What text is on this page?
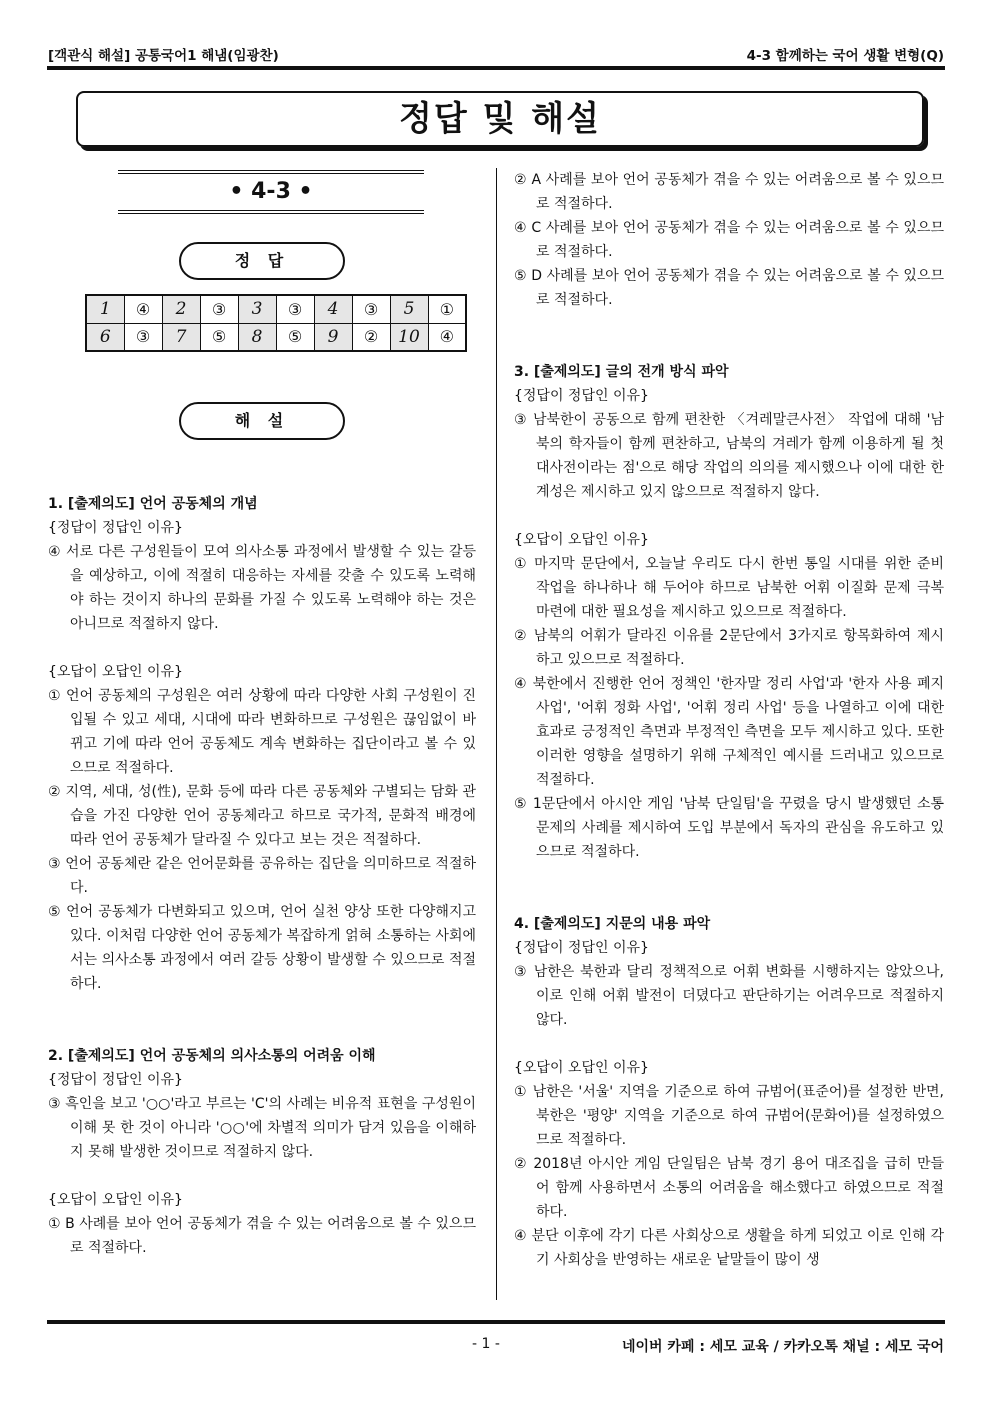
[객관식 해설] 공통국어1 해냄(임광찬)	4-3 함께하는 국어 생활 변형(Q)
정답 및 해설
• 4-3 •
정 답
1	④	2	③	3	③	4	③	5	①
6	③	7	⑤	8	⑤	9	②	10	④
해 설
1. [출제의도] 언어 공동체의 개념
{정답이 정답인 이유}
④ 서로 다른 구성원들이 모여 의사소통 과정에서 발생할 수 있는 갈등을 예상하고, 이에 적절히 대응하는 자세를 갖출 수 있도록 노력해야 하는 것이지 하나의 문화를 가질 수 있도록 노력해야 하는 것은 아니므로 적절하지 않다.
{오답이 오답인 이유}
① 언어 공동체의 구성원은 여러 상황에 따라 다양한 사회 구성원이 진입될 수 있고 세대, 시대에 따라 변화하므로 구성원은 끊임없이 바뀌고 기에 따라 언어 공동체도 계속 변화하는 집단이라고 볼 수 있으므로 적절하다.
② 지역, 세대, 성(性), 문화 등에 따라 다른 공동체와 구별되는 담화 관습을 가진 다양한 언어 공동체라고 하므로 국가적, 문화적 배경에 따라 언어 공동체가 달라질 수 있다고 보는 것은 적절하다.
③ 언어 공동체란 같은 언어문화를 공유하는 집단을 의미하므로 적절하다.
⑤ 언어 공동체가 다변화되고 있으며, 언어 실천 양상 또한 다양해지고 있다. 이처럼 다양한 언어 공동체가 복잡하게 얽혀 소통하는 사회에서는 의사소통 과정에서 여러 갈등 상황이 발생할 수 있으므로 적절하다.
2. [출제의도] 언어 공동체의 의사소통의 어려움 이해
{정답이 정답인 이유}
③ 흑인을 보고 '○○'라고 부르는 'C'의 사례는 비유적 표현을 구성원이 이해 못 한 것이 아니라 '○○'에 차별적 의미가 담겨 있음을 이해하지 못해 발생한 것이므로 적절하지 않다.
{오답이 오답인 이유}
① B 사례를 보아 언어 공동체가 겪을 수 있는 어려움으로 볼 수 있으므로 적절하다.
② A 사례를 보아 언어 공동체가 겪을 수 있는 어려움으로 볼 수 있으므로 적절하다.
④ C 사례를 보아 언어 공동체가 겪을 수 있는 어려움으로 볼 수 있으므로 적절하다.
⑤ D 사례를 보아 언어 공동체가 겪을 수 있는 어려움으로 볼 수 있으므로 적절하다.
3. [출제의도] 글의 전개 방식 파악
{정답이 정답인 이유}
③ 남북한이 공동으로 함께 편찬한 〈겨레말큰사전〉 작업에 대해 '남북의 학자들이 함께 편찬하고, 남북의 겨레가 함께 이용하게 될 첫 대사전이라는 점'으로 해당 작업의 의의를 제시했으나 이에 대한 한계성은 제시하고 있지 않으므로 적절하지 않다.
{오답이 오답인 이유}
① 마지막 문단에서, 오늘날 우리도 다시 한번 통일 시대를 위한 준비 작업을 하나하나 해 두어야 하므로 남북한 어휘 이질화 문제 극복 마련에 대한 필요성을 제시하고 있으므로 적절하다.
② 남북의 어휘가 달라진 이유를 2문단에서 3가지로 항목화하여 제시하고 있으므로 적절하다.
④ 북한에서 진행한 언어 정책인 '한자말 정리 사업'과 '한자 사용 폐지 사업', '어휘 정화 사업', '어휘 정리 사업' 등을 나열하고 이에 대한 효과로 긍정적인 측면과 부정적인 측면을 모두 제시하고 있다. 또한 이러한 영향을 설명하기 위해 구체적인 예시를 드러내고 있으므로 적절하다.
⑤ 1문단에서 아시안 게임 '남북 단일팀'을 꾸렸을 당시 발생했던 소통 문제의 사례를 제시하여 도입 부분에서 독자의 관심을 유도하고 있으므로 적절하다.
4. [출제의도] 지문의 내용 파악
{정답이 정답인 이유}
③ 남한은 북한과 달리 정책적으로 어휘 변화를 시행하지는 않았으나, 이로 인해 어휘 발전이 더뎠다고 판단하기는 어려우므로 적절하지 않다.
{오답이 오답인 이유}
① 남한은 '서울' 지역을 기준으로 하여 규범어(표준어)를 설정한 반면, 북한은 '평양' 지역을 기준으로 하여 규범어(문화어)를 설정하였으므로 적절하다.
② 2018년 아시안 게임 단일팀은 남북 경기 용어 대조집을 급히 만들어 함께 사용하면서 소통의 어려움을 해소했다고 하였으므로 적절하다.
④ 분단 이후에 각기 다른 사회상으로 생활을 하게 되었고 이로 인해 각기 사회상을 반영하는 새로운 낱말들이 많이 생
- 1 -	네이버 카페 : 세모 교육 / 카카오톡 채널 : 세모 국어
